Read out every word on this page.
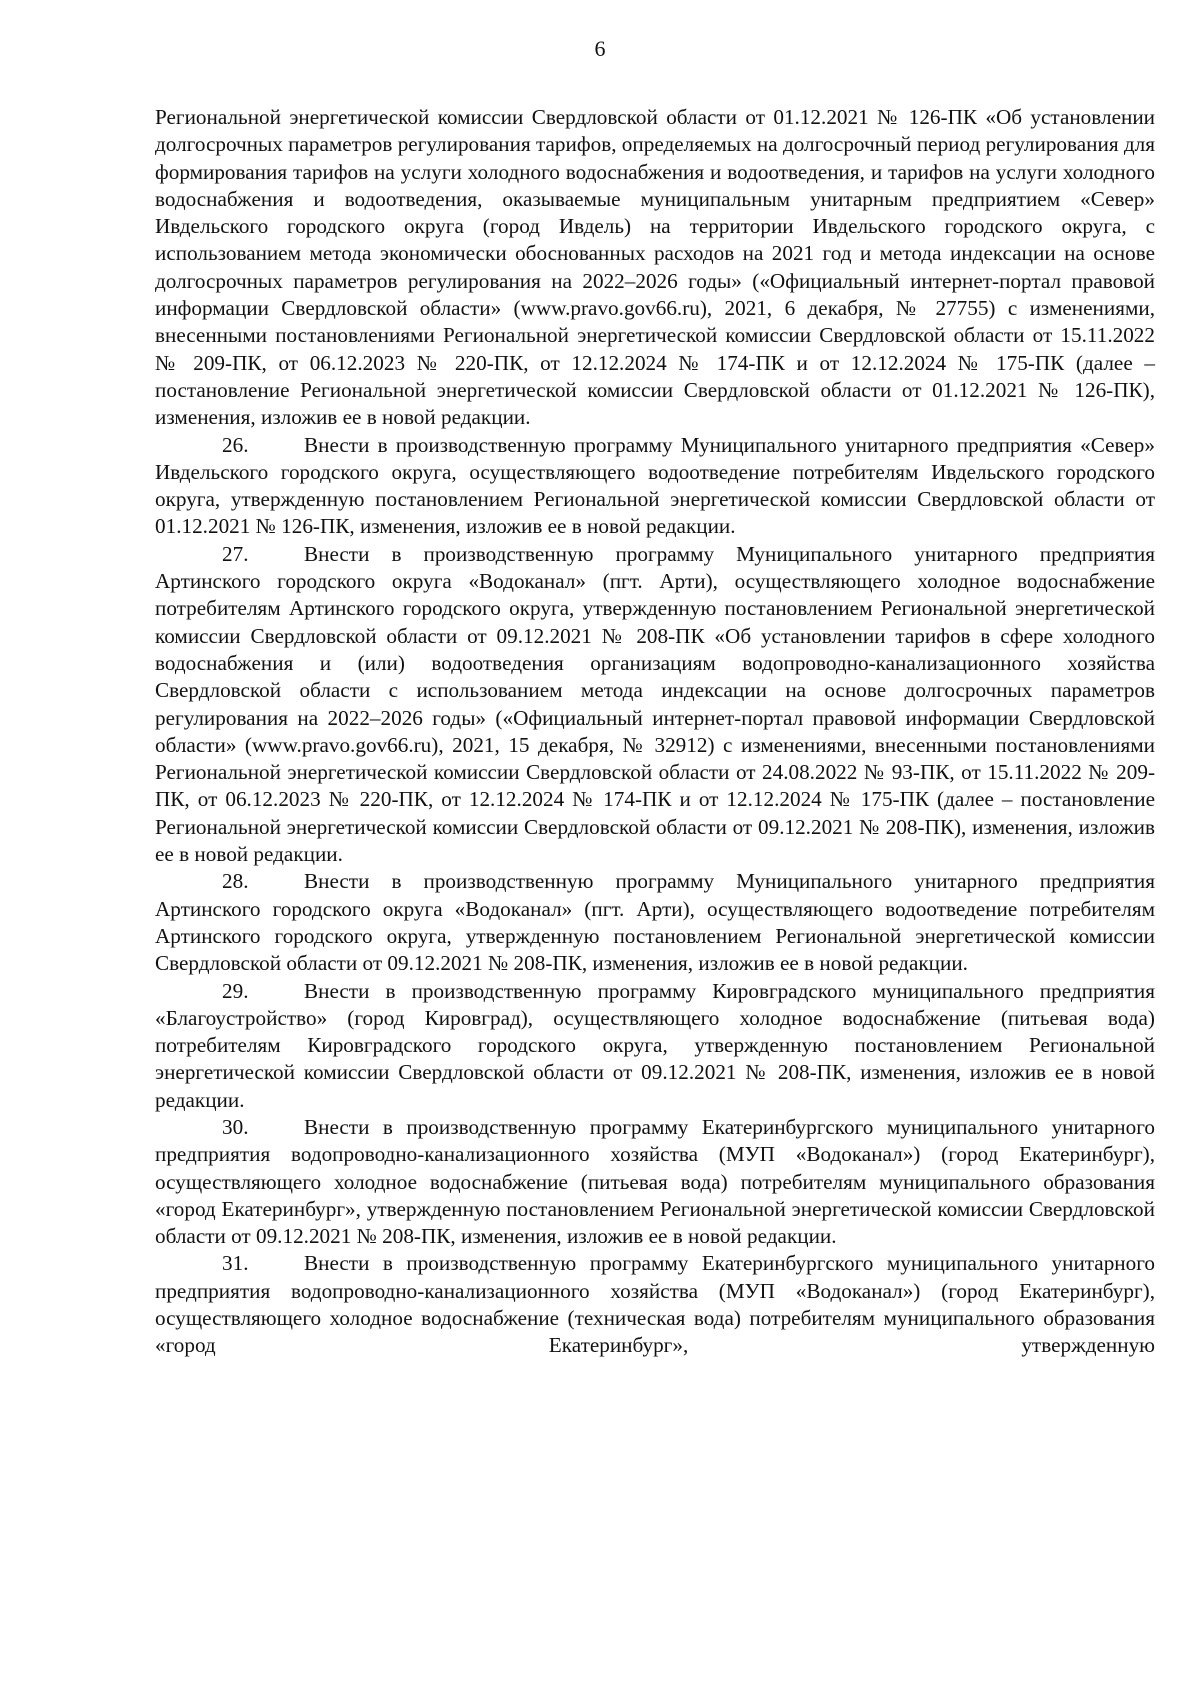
6

Региональной энергетической комиссии Свердловской области от 01.12.2021 № 126-ПК «Об установлении долгосрочных параметров регулирования тарифов, определяемых на долгосрочный период регулирования для формирования тарифов на услуги холодного водоснабжения и водоотведения, и тарифов на услуги холодного водоснабжения и водоотведения, оказываемые муниципальным унитарным предприятием «Север» Ивдельского городского округа (город Ивдель) на территории Ивдельского городского округа, с использованием метода экономически обоснованных расходов на 2021 год и метода индексации на основе долгосрочных параметров регулирования на 2022–2026 годы» («Официальный интернет-портал правовой информации Свердловской области» (www.pravo.gov66.ru), 2021, 6 декабря, № 27755) с изменениями, внесенными постановлениями Региональной энергетической комиссии Свердловской области от 15.11.2022 № 209-ПК, от 06.12.2023 № 220-ПК, от 12.12.2024 № 174-ПК и от 12.12.2024 № 175-ПК (далее – постановление Региональной энергетической комиссии Свердловской области от 01.12.2021 № 126-ПК), изменения, изложив ее в новой редакции.

26.	Внести в производственную программу Муниципального унитарного предприятия «Север» Ивдельского городского округа, осуществляющего водоотведение потребителям Ивдельского городского округа, утвержденную постановлением Региональной энергетической комиссии Свердловской области от 01.12.2021 № 126-ПК, изменения, изложив ее в новой редакции.

27.	Внести в производственную программу Муниципального унитарного предприятия Артинского городского округа «Водоканал» (пгт. Арти), осуществляющего холодное водоснабжение потребителям Артинского городского округа, утвержденную постановлением Региональной энергетической комиссии Свердловской области от 09.12.2021 № 208-ПК «Об установлении тарифов в сфере холодного водоснабжения и (или) водоотведения организациям водопроводно-канализационного хозяйства Свердловской области с использованием метода индексации на основе долгосрочных параметров регулирования на 2022–2026 годы» («Официальный интернет-портал правовой информации Свердловской области» (www.pravo.gov66.ru), 2021, 15 декабря, № 32912) с изменениями, внесенными постановлениями Региональной энергетической комиссии Свердловской области от 24.08.2022 № 93-ПК, от 15.11.2022 № 209-ПК, от 06.12.2023 № 220-ПК, от 12.12.2024 № 174-ПК и от 12.12.2024 № 175-ПК (далее – постановление Региональной энергетической комиссии Свердловской области от 09.12.2021 № 208-ПК), изменения, изложив ее в новой редакции.

28.	Внести в производственную программу Муниципального унитарного предприятия Артинского городского округа «Водоканал» (пгт. Арти), осуществляющего водоотведение потребителям Артинского городского округа, утвержденную постановлением Региональной энергетической комиссии Свердловской области от 09.12.2021 № 208-ПК, изменения, изложив ее в новой редакции.

29.	Внести в производственную программу Кировградского муниципального предприятия «Благоустройство» (город Кировград), осуществляющего холодное водоснабжение (питьевая вода) потребителям Кировградского городского округа, утвержденную постановлением Региональной энергетической комиссии Свердловской области от 09.12.2021 № 208-ПК, изменения, изложив ее в новой редакции.

30.	Внести в производственную программу Екатеринбургского муниципального унитарного предприятия водопроводно-канализационного хозяйства (МУП «Водоканал») (город Екатеринбург), осуществляющего холодное водоснабжение (питьевая вода) потребителям муниципального образования «город Екатеринбург», утвержденную постановлением Региональной энергетической комиссии Свердловской области от 09.12.2021 № 208-ПК, изменения, изложив ее в новой редакции.

31.	Внести в производственную программу Екатеринбургского муниципального унитарного предприятия водопроводно-канализационного хозяйства (МУП «Водоканал») (город Екатеринбург), осуществляющего холодное водоснабжение (техническая вода) потребителям муниципального образования «город Екатеринбург», утвержденную
